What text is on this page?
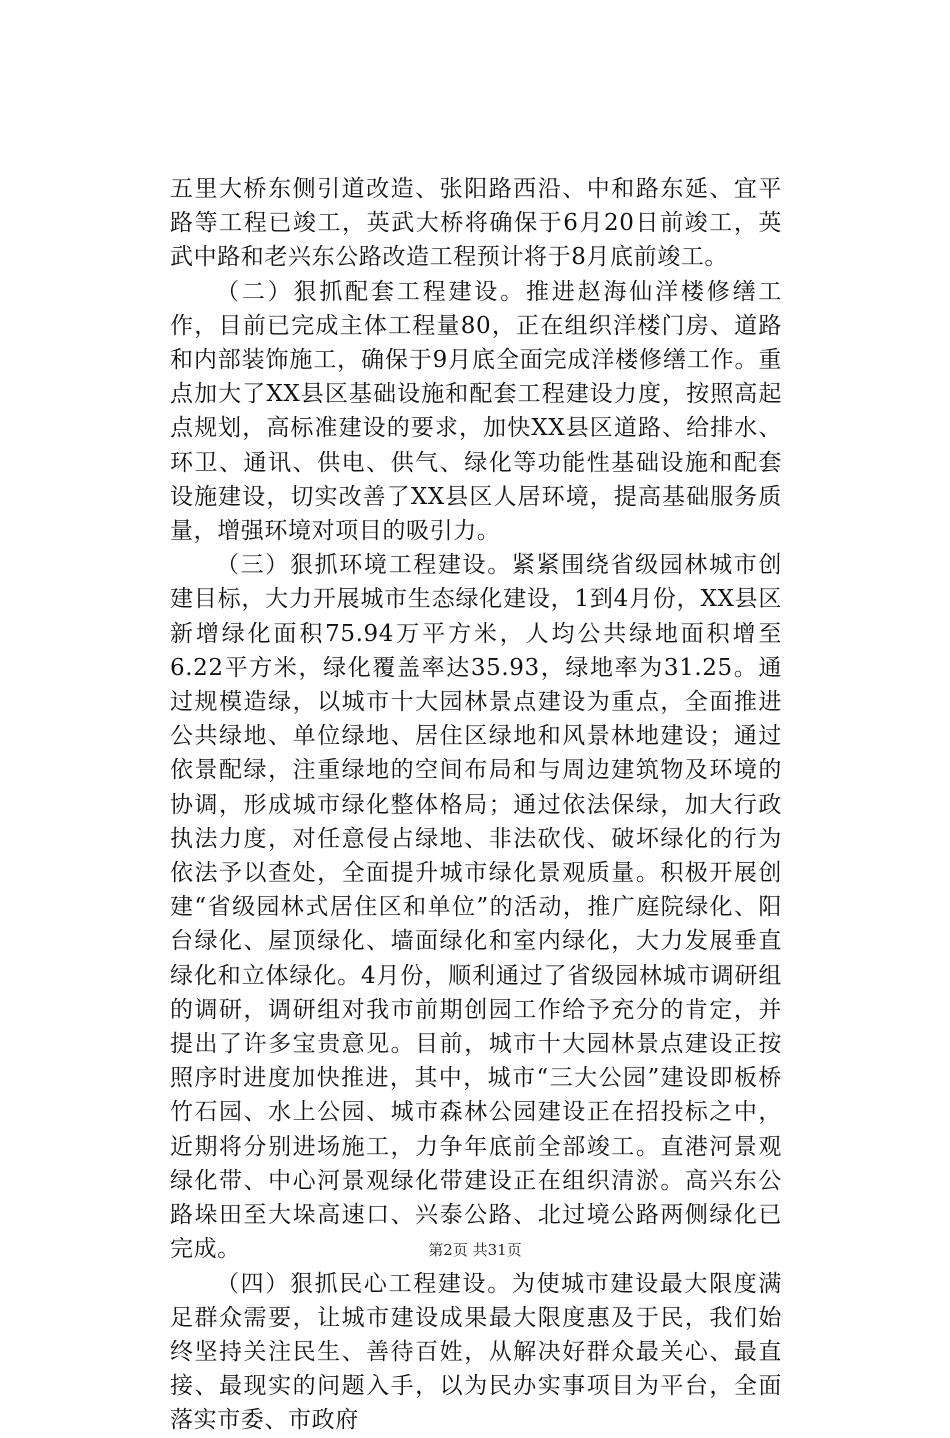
五里大桥东侧引道改造、张阳路西沿、中和路东延、宜平路等工程已竣工，英武大桥将确保于6月20日前竣工，英武中路和老兴东公路改造工程预计将于8月底前竣工。

（二）狠抓配套工程建设。推进赵海仙洋楼修缮工作，目前已完成主体工程量80，正在组织洋楼门房、道路和内部装饰施工，确保于9月底全面完成洋楼修缮工作。重点加大了XX县区基础设施和配套工程建设力度，按照高起点规划，高标准建设的要求，加快XX县区道路、给排水、环卫、通讯、供电、供气、绿化等功能性基础设施和配套设施建设，切实改善了XX县区人居环境，提高基础服务质量，增强环境对项目的吸引力。

（三）狠抓环境工程建设。紧紧围绕省级园林城市创建目标，大力开展城市生态绿化建设，1到4月份，XX县区新增绿化面积75.94万平方米，人均公共绿地面积增至6.22平方米，绿化覆盖率达35.93，绿地率为31.25。通过规模造绿，以城市十大园林景点建设为重点，全面推进公共绿地、单位绿地、居住区绿地和风景林地建设；通过依景配绿，注重绿地的空间布局和与周边建筑物及环境的协调，形成城市绿化整体格局；通过依法保绿，加大行政执法力度，对任意侵占绿地、非法砍伐、破坏绿化的行为依法予以查处，全面提升城市绿化景观质量。积极开展创建“省级园林式居住区和单位”的活动，推广庭院绿化、阳台绿化、屋顶绿化、墙面绿化和室内绿化，大力发展垂直绿化和立体绿化。4月份，顺利通过了省级园林城市调研组的调研，调研组对我市前期创园工作给予充分的肯定，并提出了许多宝贵意见。目前，城市十大园林景点建设正按照序时进度加快推进，其中，城市“三大公园”建设即板桥竹石园、水上公园、城市森林公园建设正在招投标之中，近期将分别进场施工，力争年底前全部竣工。直港河景观绿化带、中心河景观绿化带建设正在组织清淤。高兴东公路垛田至大垛高速口、兴泰公路、北过境公路两侧绿化已完成。

（四）狠抓民心工程建设。为使城市建设最大限度满足群众需要，让城市建设成果最大限度惠及于民，我们始终坚持关注民生、善待百姓，从解决好群众最关心、最直接、最现实的问题入手，以为民办实事项目为平台，全面落实市委、市政府

第2页 共31页
